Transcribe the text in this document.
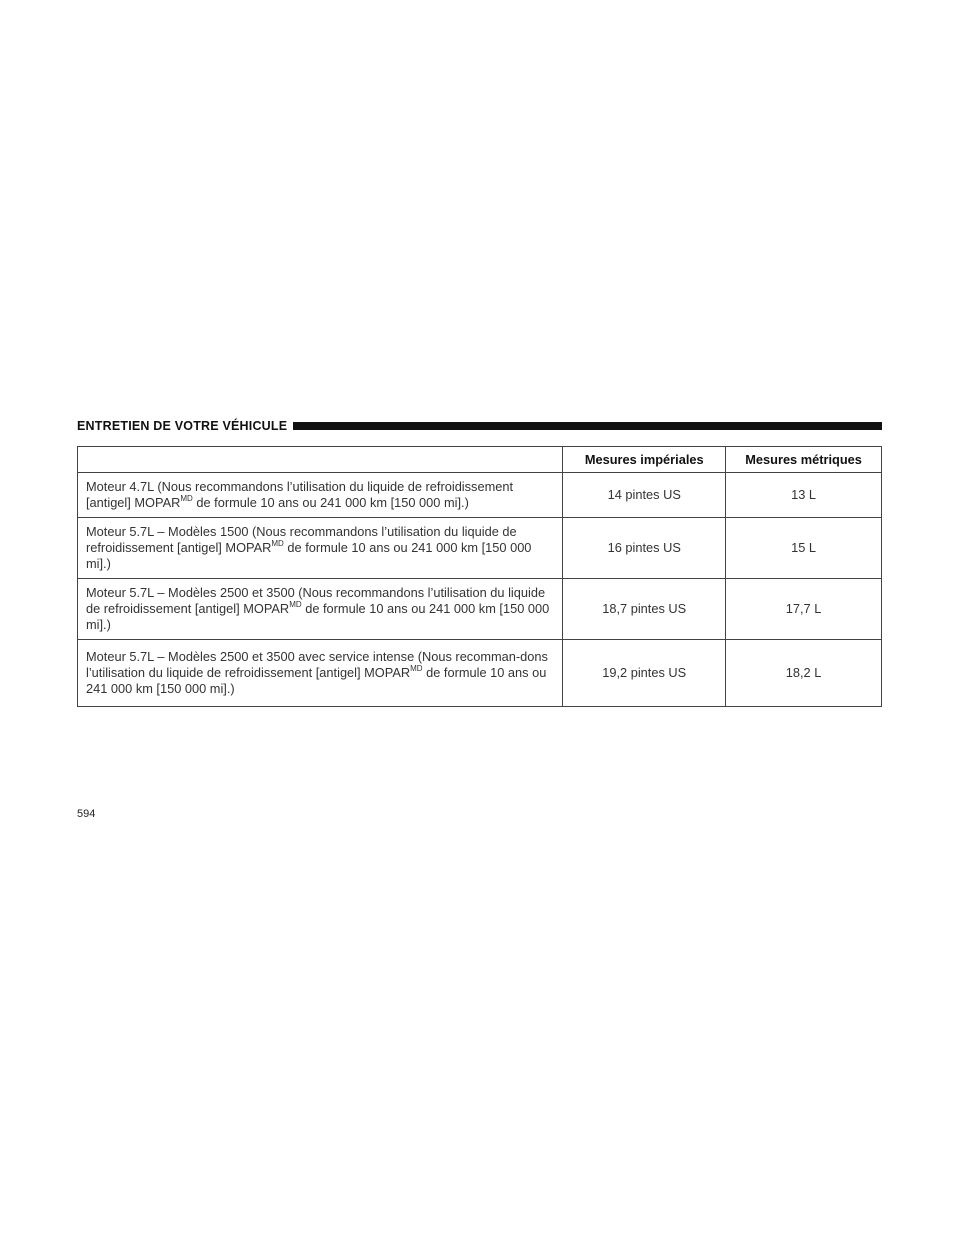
ENTRETIEN DE VOTRE VÉHICULE
	Mesures impériales	Mesures métriques
Moteur 4.7L (Nous recommandons l’utilisation du liquide de refroidissement [antigel] $MOPAR^{MD}$ de formule 10 ans ou 241 000 km [150 000 mi].)	14 pintes US	13 L
Moteur 5.7L – Modèles 1500 (Nous recommandons l’utilisation du liquide de refroidissement [antigel] $MOPAR^{MD}$ de formule 10 ans ou 241 000 km [150 000 mi].)	16 pintes US	15 L
Moteur 5.7L – Modèles 2500 et 3500 (Nous recommandons l’utilisation du liquide de refroidissement [antigel] $MOPAR^{MD}$ de formule 10 ans ou 241 000 km [150 000 mi].)	18,7 pintes US	17,7 L
Moteur 5.7L – Modèles 2500 et 3500 avec service intense (Nous recomman-dons l’utilisation du liquide de refroidissement [antigel] $MOPAR^{MD}$ de formule 10 ans ou 241 000 km [150 000 mi].)	19,2 pintes US	18,2 L
594
